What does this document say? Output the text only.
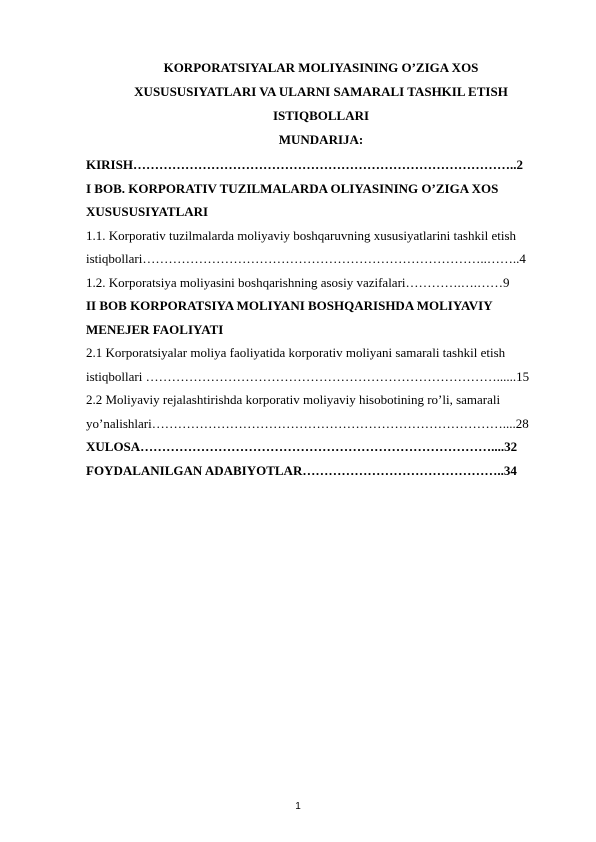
KORPORATSIYALAR MOLIYASINING O’ZIGA XOS
XUSUSUSIYATLARI VA ULARNI SAMARALI TASHKIL ETISH
ISTIQBOLLARI
MUNDARIJA:
KIRISH……………………………………………………………………………..2
I BOB. KORPORATIV TUZILMALARDA OLIYASINING O’ZIGA XOS
XUSUSUSIYATLARI
1.1. Korporativ tuzilmalarda moliyaviy boshqaruvning xususiyatlarini tashkil etish
istiqbollari……………………………………………………………………..……..4
1.2. Korporatsiya moliyasini boshqarishning asosiy vazifalari………….….……9
II BOB KORPORATSIYA MOLIYANI BOSHQARISHDA MOLIYAVIY
MENEJER FAOLIYATI
2.1 Korporatsiyalar moliya faoliyatida korporativ moliyani samarali tashkil etish
istiqbollari ………………………………………………………………………......15
2.2 Moliyaviy rejalashtirishda korporativ moliyaviy hisobotining ro’li, samarali
yo’nalishlari………………………………………………………………………....28
XULOSA………………………………………………………………………....32
FOYDALANILGAN ADABIYOTLAR………………………………………..34
1
